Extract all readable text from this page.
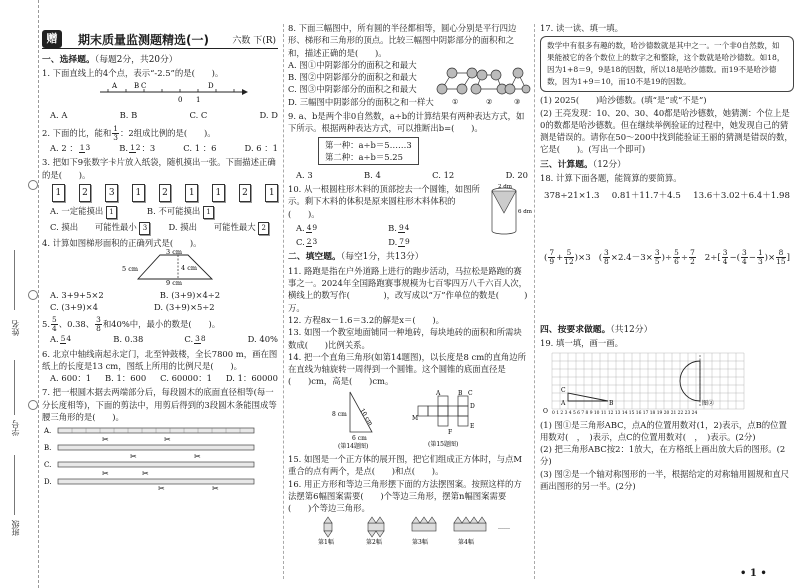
姓名
学号
班级
赠	期末质量监测题精选(一)	六数 下(R)
一、选择题。（每题2分，共20分）

1. 下面直线上的4个点，表示“-2.5”的是(　　)。

A B C	D
0 1
A. A	B. B	C. C	D. D

2. 下面的比，能和 $\frac{1}{3}$ ：2组成比例的是(　　)。

A. 2 ： 13	B. 12：3	C. 1 ：6	D. 6 ：1

3. 把如下9张数字卡片放入纸袋，随机摸出一张。下面描述正确的是(　　)。

1	2	3	1	2	1	1	2	1
A. 一定能摸出 1	B. 不可能摸出 1
C. 摸出　　可能性最小 3	D. 摸出　　可能性最大 2

4. 计算如图梯形面积的正确列式是(　　)。

3 cm
5 cm	4 cm
9 cm
A. 3+9+5×2	B. (3+9)×4÷2
C. (3+9)×4	D. (3+9)×5÷2

5. $\frac{5}{4}$ 、0.38、 $\frac{3}{8}$ 和40%中，最小的数是(　　)。

A. 54	B. 0.38	C. 38	D. 40%

6. 北京中轴线南起永定门，北至钟鼓楼，全长7800 m，画在图纸上的长度是13 cm，图纸上所用的比例尺是(　　)。

A. 600：1 B. 1：600 C. 60000：1 D. 1：60000

7. 把一根圆木据去两端部分后，每段圆木的底面直径相等(每一分长度相等)，下面的剪法中，用剪后得到的3段圆木条能围成等腰三角形的是(　　)。

A.
B.
C.
D.
✂	✂
✂	✂
✂	✂
✂	✂

8. 下面三幅图中，所有圆的半径都相等，圆心分别是平行四边形、梯形和三角形的顶点。比较三幅图中阴影部分的面积和之和，描述正确的是(　　)。

A. 图①中阴影部分的面积之和最大

B. 图②中阴影部分的面积之和最大

C. 图③中阴影部分的面积之和最大

D. 三幅图中阴影部分的面积之和一样大	①	②	③

9. a、b是两个非0自然数，a÷b的计算结果有两种表达方式，如下所示。根据两种表达方式，可以推断出b=(　　)。

第一种：a÷b＝5……3
第二种：a÷b＝5.25
A. 3	B. 4	C. 12	D. 20

10. 从一根圆柱形木料的顶部挖去一个圆锥，如图所示。剩下木料的体积是原来圆柱形木料体积的(　　)。

A. 49	B. 94
C. 23	D. 79
2 dm
6 dm
二、填空题。（每空1分，共13分）

11. 路跑是指在户外道路上进行的跑步活动，马拉松是路跑的赛事之一。2024年全国路跑赛事规模为七百零四万八千六百人次，横线上的数写作(　　　　)，改写成以“万”作单位的数是(　　　)万。

12. 方程8x－1.6＝3.2的解是x＝(　　)。

13. 如图一个教室地面铺同一种地砖，每块地砖的面积和所需块数成(　　)比例关系。

14. 把一个直角三角形(如第14题图)，以长度是8 cm的直角边所在直线为轴旋转一周得到一个圆锥。这个圆锥的底面直径是(　　)cm，高是(　　)cm。

10 cm
8 cm
6 cm
(第14题图)
A	B C
D
E
F
M
(第15题图)

15. 如图是一个正方体的展开图，把它们组成正方体时，与点M重合的点有两个，是点(　　)和点(　　)。

16. 用正方形和等边三角形摆下面的方法摆图案。按照这样的方法摆第6幅图案需要(　　)个等边三角形，摆第n幅图案需要(　　)个等边三角形。

第1幅	第2幅	第3幅	第4幅
……

17. 读一读、填一填。

数学中有很多有趣的数，哈沙德数就是其中之一。一个非0自然数，如果能被它的各个数位上的数字之和整除，这个数就是哈沙德数。如18，因为1+8＝9，9是18的因数，所以18是哈沙德数。而19不是哈沙德数，因为1+9＝10，而10不是19的因数。

(1) 2025(　　)哈沙德数。(填“是”或“不是”)

(2) 王亮发现：10、20、30、40都是哈沙德数，她猜测：个位上是0的数都是哈沙德数。但在继续举例验证的过程中，她发现自己的猜测是错误的。请你在50～200中找到能验证王丽的猜测是错误的数，它是(　　)。(写出一个即可)

三、计算题。（12分）

18. 计算下面各题，能简算的要简算。

378÷21×1.3 0.81＋11.7＋4.5 13.6＋3.02＋6.4＋1.98
( $\frac{7}{9} + \frac{5}{12} )\times 3$ ( $\frac{3}{8} \times 2.4-3\times \frac{3}{5}$ )÷ $\frac{5}{6} \div \frac{7}{2} 2\div[ \frac{3}{4}$ −( $\frac{3}{4} - \frac{1}{3}$ )× $\frac{8}{15}$ ]
四、按要求做题。（共12分）

19. 填一填，画一画。

C
A	B
O
图②
0 1 2 3 4 5 6 7 8 9 10 11 12 13 14 15 16 17 18 19 20 21 22 23 24

(1) 图①是三角形ABC，点A的位置用数对(1，2)表示，点B的位置用数对(　，　)表示，点C的位置用数对(　，　)表示。(2分)

(2) 把三角形ABC按2：1放大，在方格纸上画出放大后的图形。(2分)

(3) 图②是一个轴对称图形的一半，根据给定的对称轴用圆规和直尺画出图形的另一半。(2分)

• 1 •
